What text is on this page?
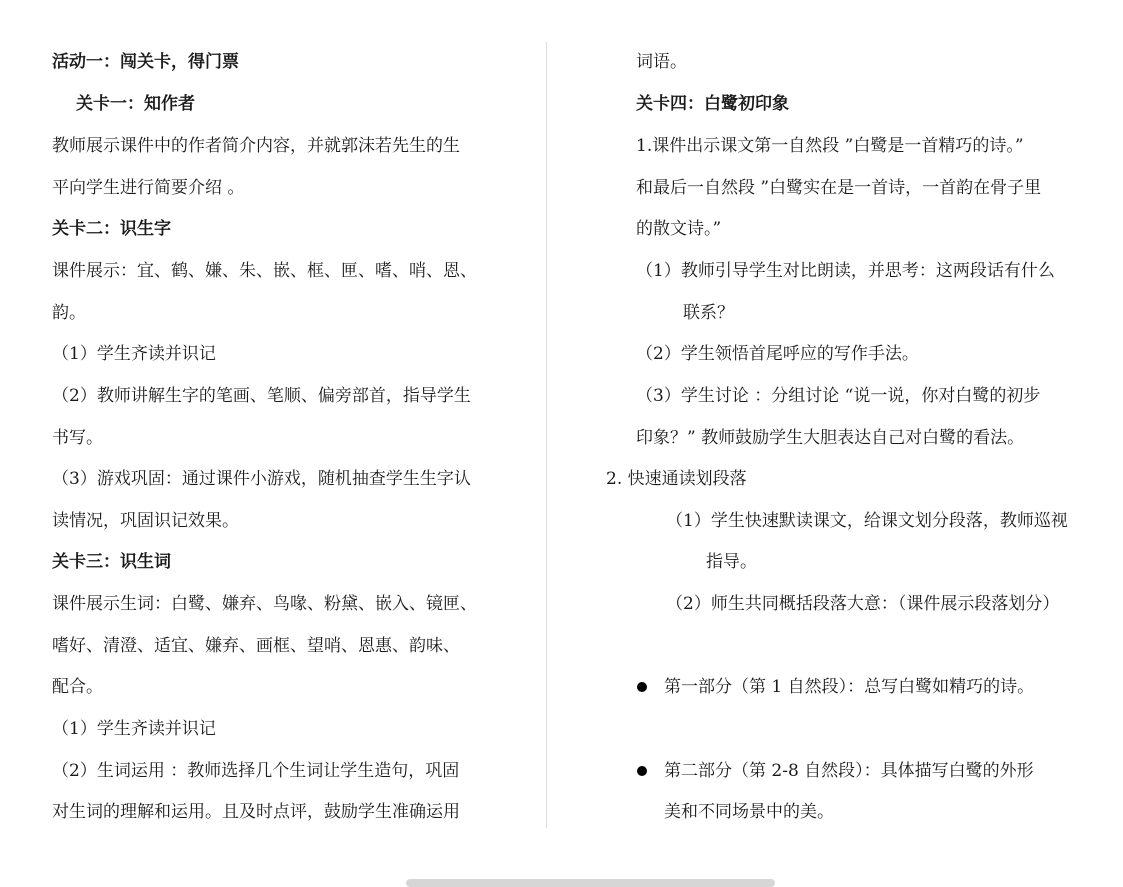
活动一：闯关卡，得门票
关卡一：知作者
教师展示课件中的作者简介内容，并就郭沫若先生的生
平向学生进行简要介绍 。
关卡二：识生字
课件展示：宜、鹤、嫌、朱、嵌、框、匣、嗜、哨、恩、
韵。
（1）学生齐读并识记
（2）教师讲解生字的笔画、笔顺、偏旁部首，指导学生
书写。
（3）游戏巩固：通过课件小游戏，随机抽查学生生字认
读情况，巩固识记效果。
关卡三：识生词
课件展示生词：白鹭、嫌弃、鸟喙、粉黛、嵌入、镜匣、
嗜好、清澄、适宜、嫌弃、画框、望哨、恩惠、韵味、
配合。
（1）学生齐读并识记
（2）生词运用 ：教师选择几个生词让学生造句，巩固
对生词的理解和运用。且及时点评，鼓励学生准确运用
词语。
关卡四：白鹭初印象
1.课件出示课文第一自然段 ”白鹭是一首精巧的诗。”
和最后一自然段 ”白鹭实在是一首诗，一首韵在骨子里
的散文诗。”
（1）教师引导学生对比朗读，并思考：这两段话有什么
联系？
（2）学生领悟首尾呼应的写作手法。
（3）学生讨论 ：分组讨论 “说一说，你对白鹭的初步
印象？” 教师鼓励学生大胆表达自己对白鹭的看法。
2. 快速通读划段落
（1）学生快速默读课文，给课文划分段落，教师巡视
指导。
（2）师生共同概括段落大意：（课件展示段落划分）
第一部分（第 1 自然段）：总写白鹭如精巧的诗。
第二部分（第 2-8 自然段）：具体描写白鹭的外形
美和不同场景中的美。
